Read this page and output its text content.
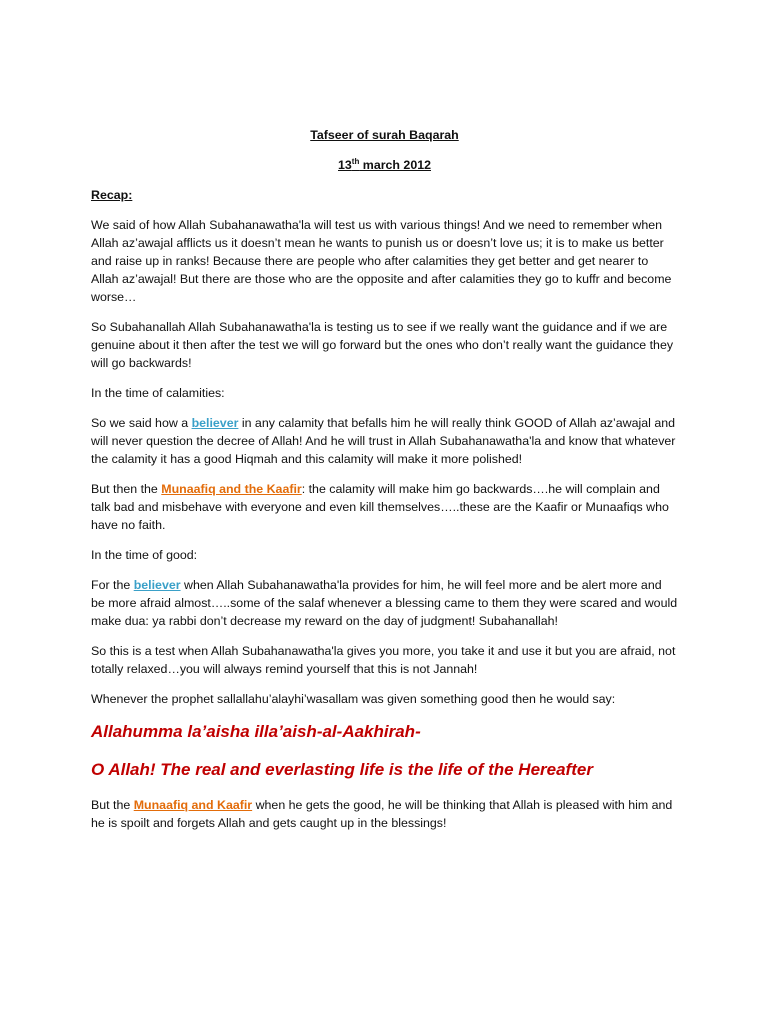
Tafseer of surah Baqarah
13th march 2012
Recap:

We said of how Allah Subahanawatha'la will test us with various things! And we need to remember when Allah az’awajal afflicts us it doesn’t mean he wants to punish us or doesn’t love us; it is to make us better and raise up in ranks! Because there are people who after calamities they get better and get nearer to Allah az’awajal! But there are those who are the opposite and after calamities they go to kuffr and become worse…

So Subahanallah Allah Subahanawatha'la is testing us to see if we really want the guidance and if we are genuine about it then after the test we will go forward but the ones who don’t really want the guidance they will go backwards!

In the time of calamities:

So we said how a believer in any calamity that befalls him he will really think GOOD of Allah az’awajal and will never question the decree of Allah! And he will trust in Allah Subahanawatha'la and know that whatever the calamity it has a good Hiqmah and this calamity will make it more polished!

But then the Munaafiq and the Kaafir: the calamity will make him go backwards….he will complain and talk bad and misbehave with everyone and even kill themselves…..these are the Kaafir or Munaafiqs who have no faith.

In the time of good:

For the believer when Allah Subahanawatha'la provides for him, he will feel more and be alert more and be more afraid almost…..some of the salaf whenever a blessing came to them they were scared and would make dua: ya rabbi don’t decrease my reward on the day of judgment! Subahanallah!

So this is a test when Allah Subahanawatha'la gives you more, you take it and use it but you are afraid, not totally relaxed…you will always remind yourself that this is not Jannah!

Whenever the prophet sallallahu’alayhi’wasallam was given something good then he would say:

Allahumma la’aisha illa’aish-al-Aakhirah-
O Allah! The real and everlasting life is the life of the Hereafter

But the Munaafiq and Kaafir when he gets the good, he will be thinking that Allah is pleased with him and he is spoilt and forgets Allah and gets caught up in the blessings!
